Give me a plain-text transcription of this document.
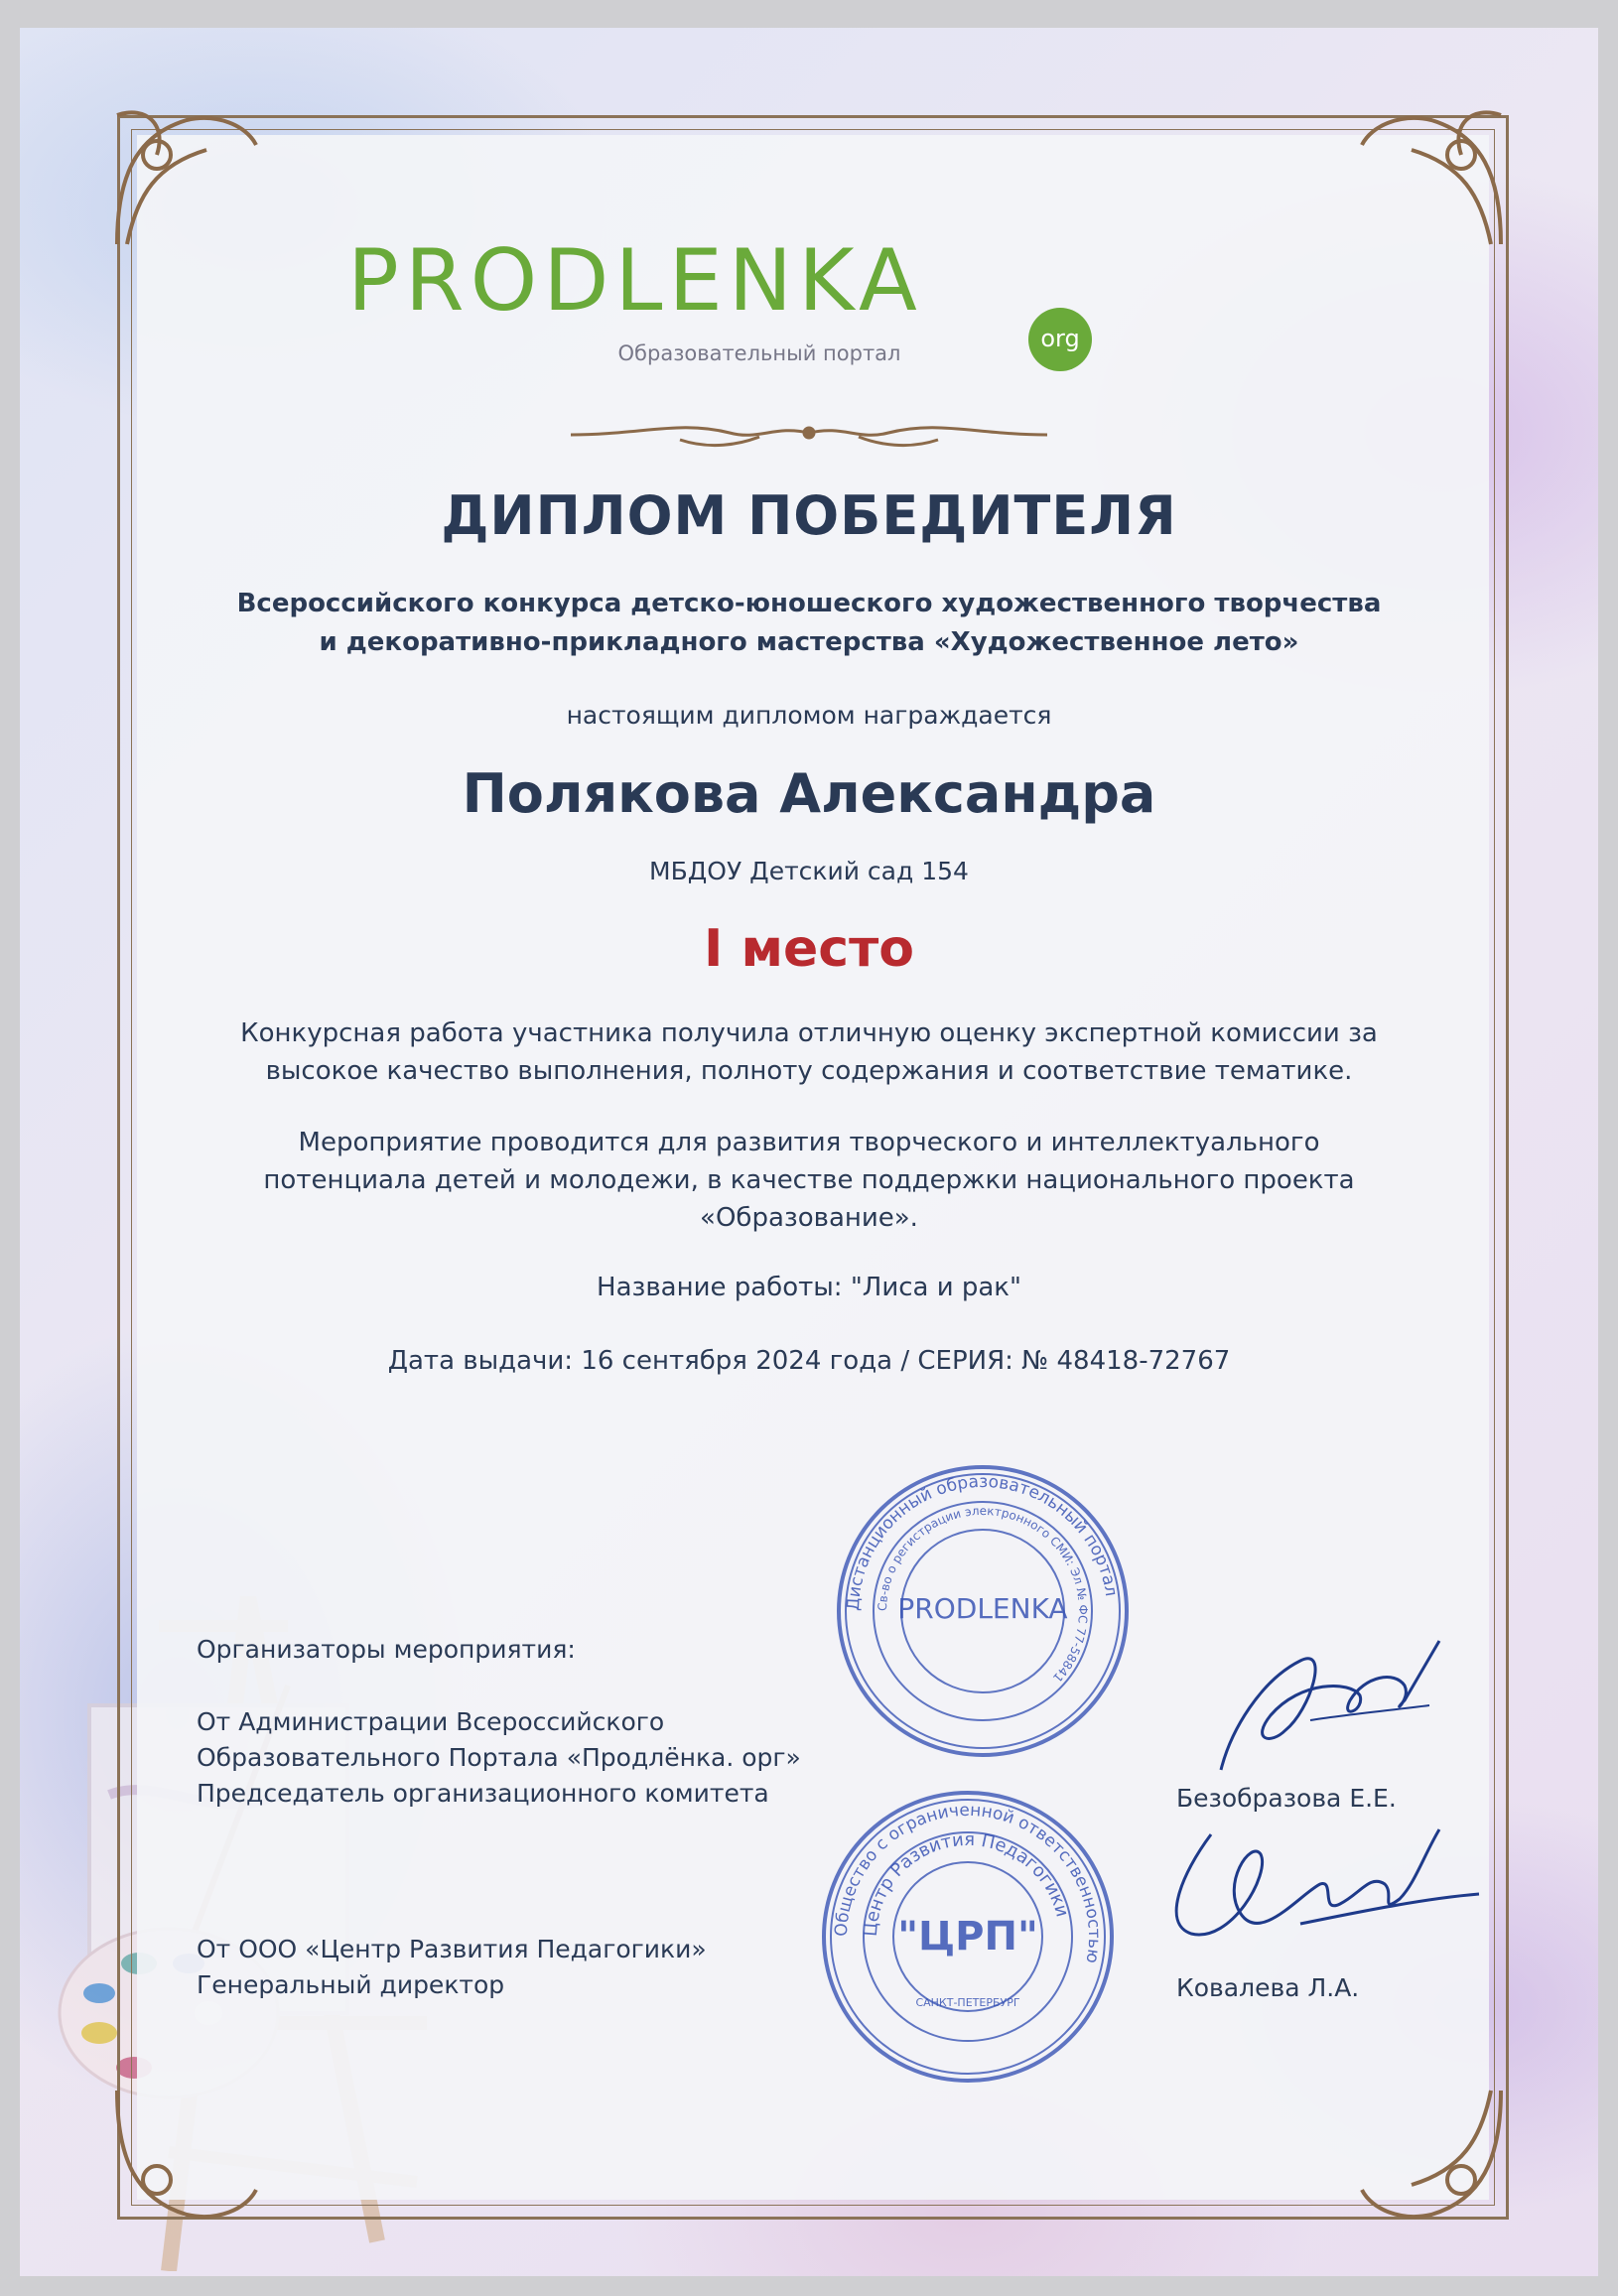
PRODLENKA
org
Образовательный портал
ДИПЛОМ ПОБЕДИТЕЛЯ
Всероссийского конкурса детско-юношеского художественного творчества
и декоративно-прикладного мастерства «Художественное лето»
настоящим дипломом награждается
Полякова Александра
МБДОУ Детский сад 154
I место
Конкурсная работа участника получила отличную оценку экспертной комиссии за
высокое качество выполнения, полноту содержания и соответствие тематике.
Мероприятие проводится для развития творческого и интеллектуального
потенциала детей и молодежи, в качестве поддержки национального проекта
«Образование».
Название работы: "Лиса и рак"
Дата выдачи: 16 сентября 2024 года / СЕРИЯ: № 48418-72767
Организаторы мероприятия:
От Администрации Всероссийского
Образовательного Портала «Продлёнка. орг»
Председатель организационного комитета
От ООО «Центр Развития Педагогики»
Генеральный директор
Дистанционный образовательный портал
Св-во о регистрации электронного СМИ: Эл № ФС 77-58841
PRODLENKA
Общество с ограниченной ответственностью
Центр Развития Педагогики
"ЦРП"
САНКТ-ПЕТЕРБУРГ
Безобразова Е.Е.
Ковалева Л.А.
